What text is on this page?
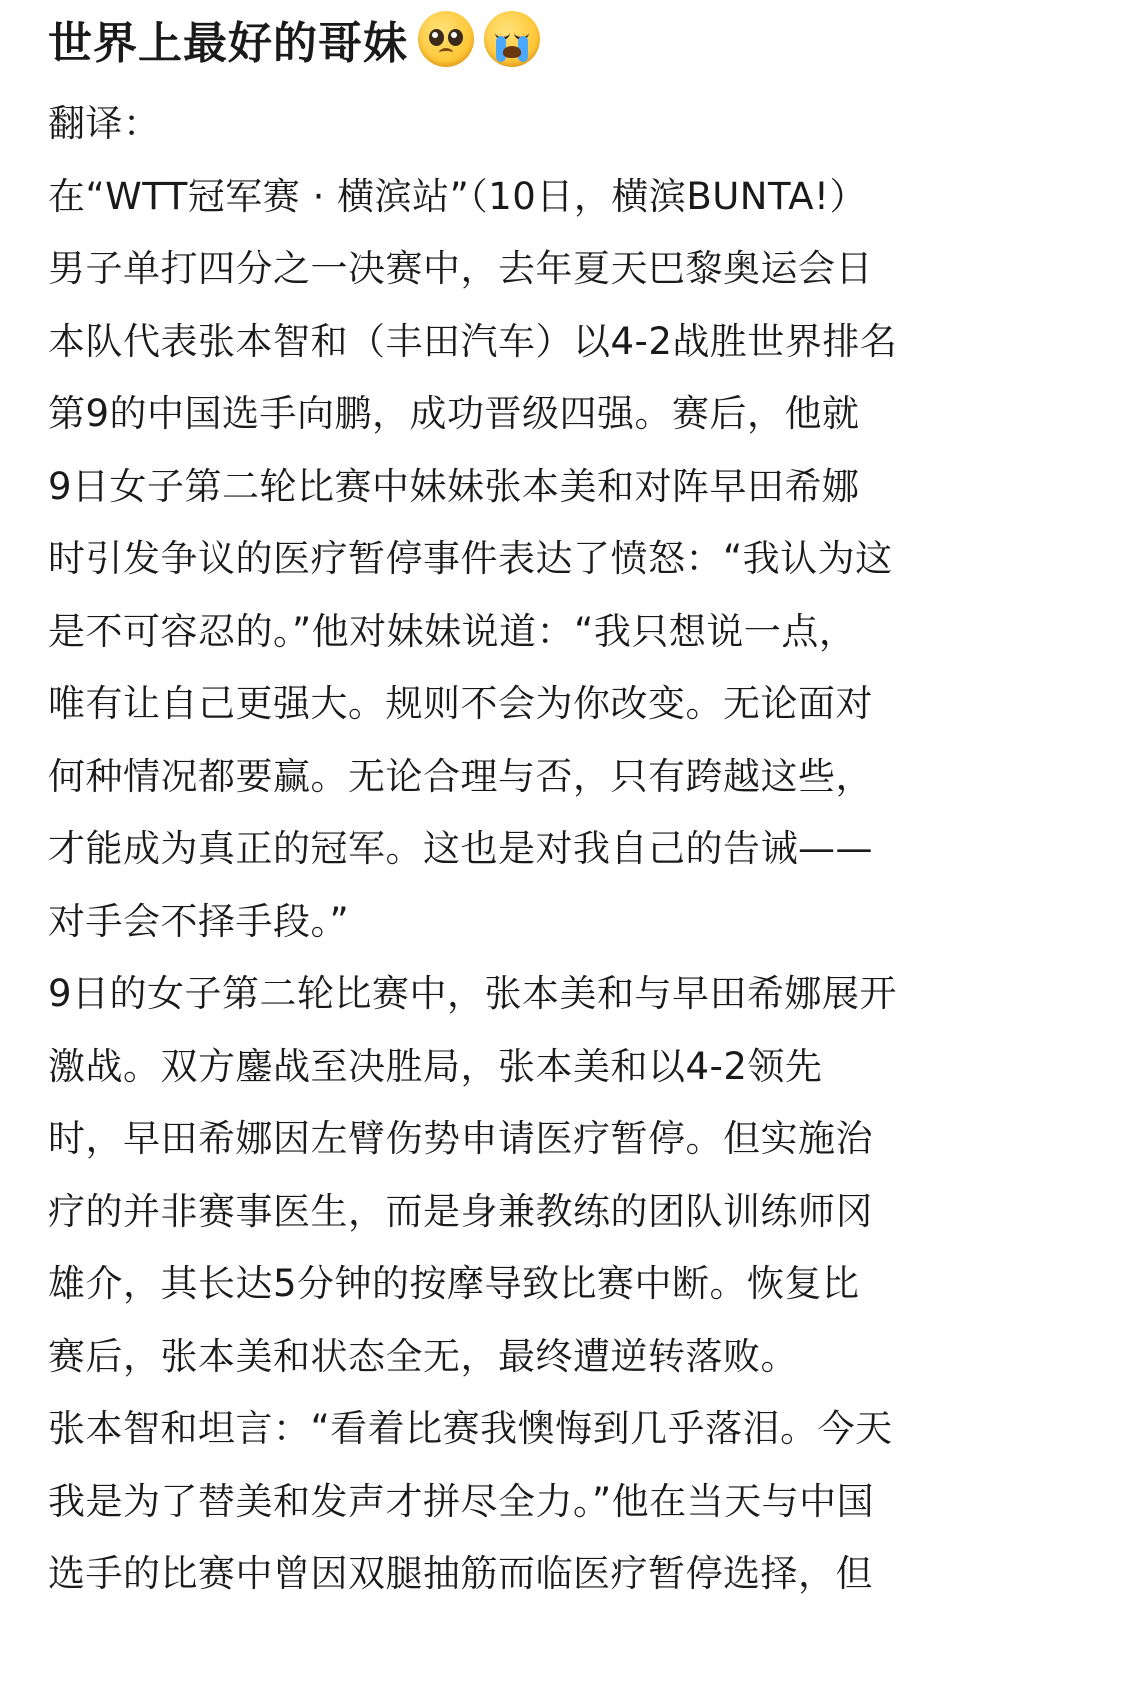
世界上最好的哥妹
翻译：
在“WTT冠军赛 · 横滨站”（10日，横滨BUNTA!）
男子单打四分之一决赛中，去年夏天巴黎奥运会日
本队代表张本智和（丰田汽车）以4-2战胜世界排名
第9的中国选手向鹏，成功晋级四强。赛后，他就
9日女子第二轮比赛中妹妹张本美和对阵早田希娜
时引发争议的医疗暂停事件表达了愤怒：“我认为这
是不可容忍的。”他对妹妹说道：“我只想说一点，
唯有让自己更强大。规则不会为你改变。无论面对
何种情况都要赢。无论合理与否，只有跨越这些，
才能成为真正的冠军。这也是对我自己的告诫——
对手会不择手段。”
9日的女子第二轮比赛中，张本美和与早田希娜展开
激战。双方鏖战至决胜局，张本美和以4-2领先
时，早田希娜因左臂伤势申请医疗暂停。但实施治
疗的并非赛事医生，而是身兼教练的团队训练师冈
雄介，其长达5分钟的按摩导致比赛中断。恢复比
赛后，张本美和状态全无，最终遭逆转落败。
张本智和坦言：“看着比赛我懊悔到几乎落泪。今天
我是为了替美和发声才拼尽全力。”他在当天与中国
选手的比赛中曾因双腿抽筋而临医疗暂停选择，但
